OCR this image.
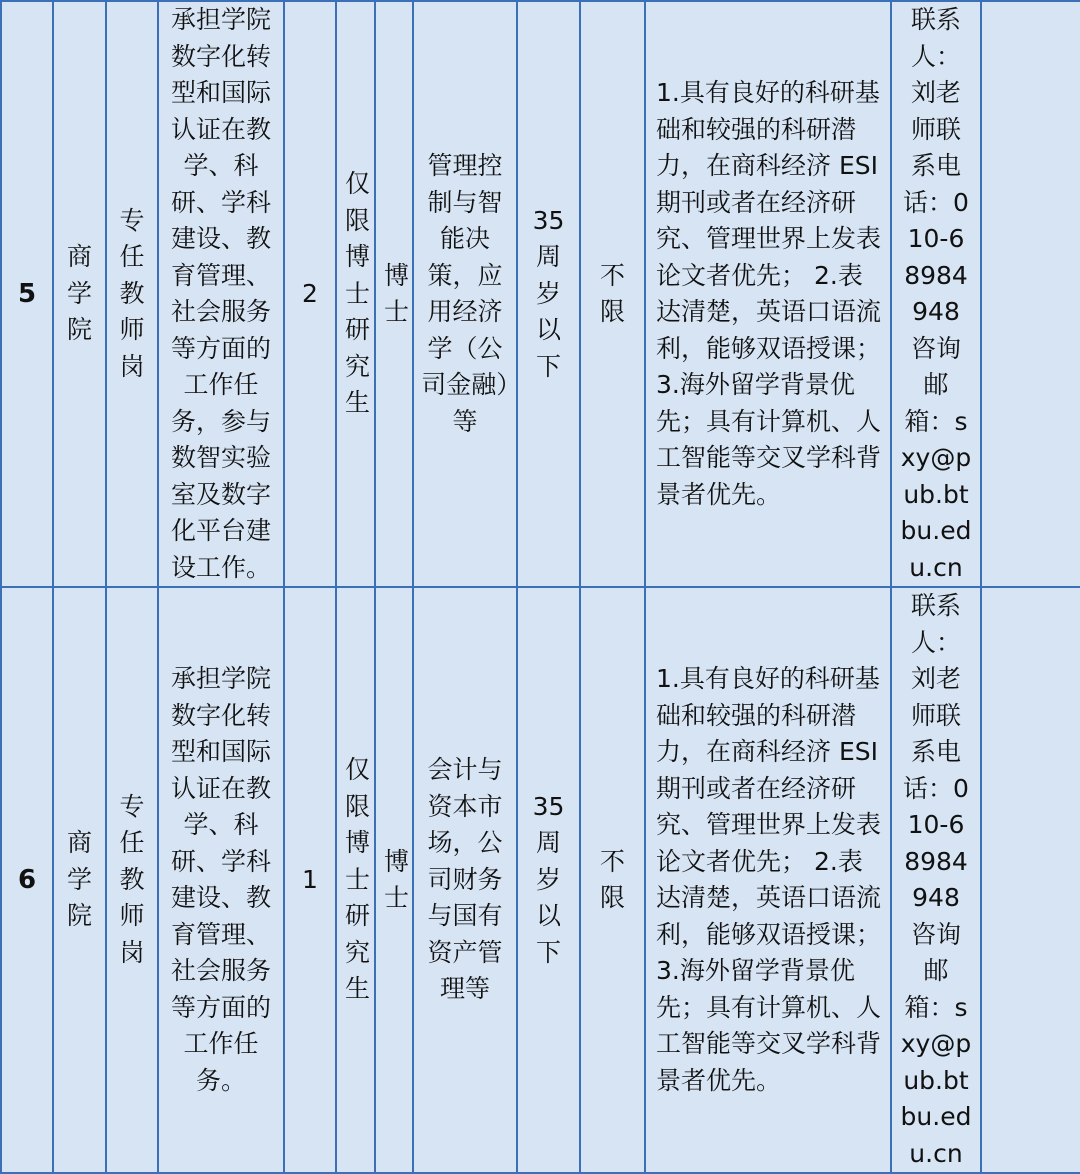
5	商学院	专任教师岗	承担学院数字化转型和国际认证在教学、科研、学科建设、教育管理、社会服务等方面的工作任务，参与数智实验室及数字化平台建设工作。	2	仅限博士研究生	博士	管理控制与智能决策，应用经济学（公司金融）等	35周岁以下	不限	1.具有良好的科研基础和较强的科研潜力，在商科经济 ESI 期刊或者在经济研究、管理世界上发表论文者优先； 2.表达清楚，英语口语流利，能够双语授课； 3.海外留学背景优先；具有计算机、人工智能等交叉学科背景者优先。	联系人：刘老师联系电话：010-68984948咨询邮箱：sxy@pub.btbu.edu.cn	
6	商学院	专任教师岗	承担学院数字化转型和国际认证在教学、科研、学科建设、教育管理、社会服务等方面的工作任务。	1	仅限博士研究生	博士	会计与资本市场，公司财务与国有资产管理等	35周岁以下	不限	1.具有良好的科研基础和较强的科研潜力，在商科经济 ESI 期刊或者在经济研究、管理世界上发表论文者优先； 2.表达清楚，英语口语流利，能够双语授课； 3.海外留学背景优先；具有计算机、人工智能等交叉学科背景者优先。	联系人：刘老师联系电话：010-68984948咨询邮箱：sxy@pub.btbu.edu.cn	
